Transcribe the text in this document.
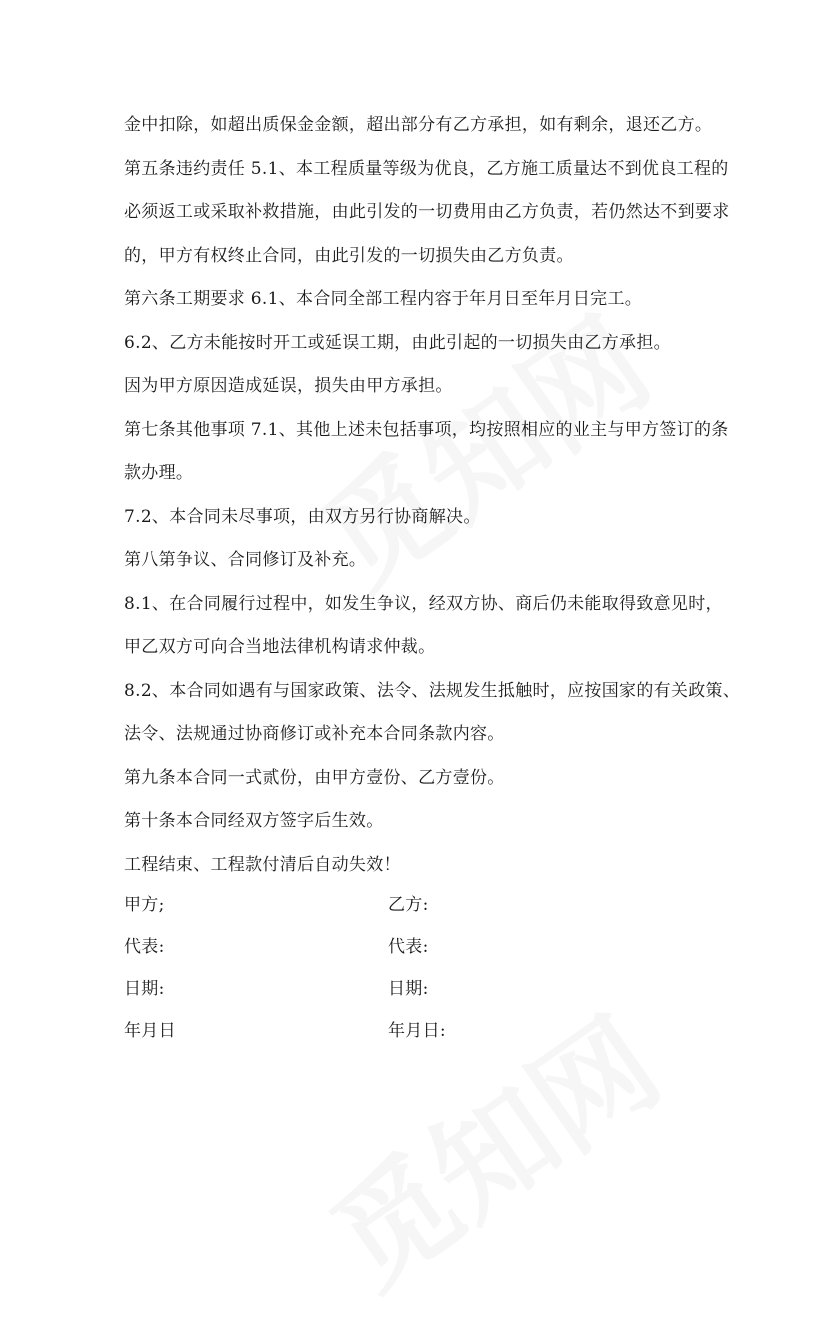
金中扣除，如超出质保金金额，超出部分有乙方承担，如有剩余，退还乙方。
第五条违约责任 5.1、本工程质量等级为优良，乙方施工质量达不到优良工程的
必须返工或采取补救措施，由此引发的一切费用由乙方负责，若仍然达不到要求
的，甲方有权终止合同，由此引发的一切损失由乙方负责。
第六条工期要求 6.1、本合同全部工程内容于年月日至年月日完工。
6.2、乙方未能按时开工或延误工期，由此引起的一切损失由乙方承担。
因为甲方原因造成延误，损失由甲方承担。
第七条其他事项 7.1、其他上述未包括事项，均按照相应的业主与甲方签订的条
款办理。
7.2、本合同未尽事项，由双方另行协商解决。
第八第争议、合同修订及补充。
8.1、在合同履行过程中，如发生争议，经双方协、商后仍未能取得致意见时，
甲乙双方可向合当地法律机构请求仲裁。
8.2、本合同如遇有与国家政策、法令、法规发生抵触时，应按国家的有关政策、
法令、法规通过协商修订或补充本合同条款内容。
第九条本合同一式贰份，由甲方壹份、乙方壹份。
第十条本合同经双方签字后生效。
工程结束、工程款付清后自动失效！
甲方;	乙方:
代表:	代表:
日期:	日期:
年月日	年月日:
